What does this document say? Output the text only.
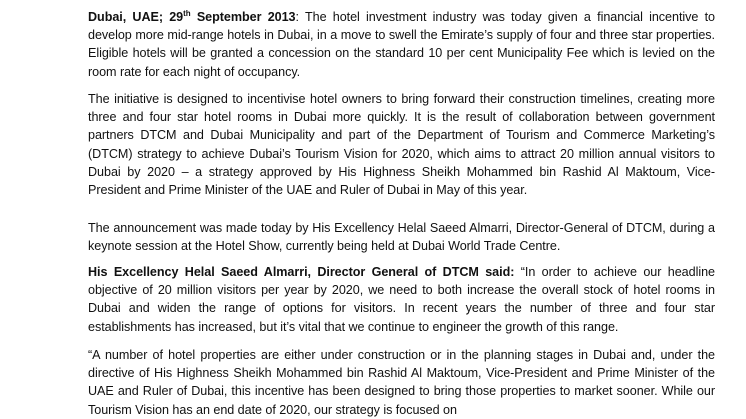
Dubai, UAE; 29th September 2013: The hotel investment industry was today given a financial incentive to develop more mid-range hotels in Dubai, in a move to swell the Emirate’s supply of four and three star properties. Eligible hotels will be granted a concession on the standard 10 per cent Municipality Fee which is levied on the room rate for each night of occupancy.

The initiative is designed to incentivise hotel owners to bring forward their construction timelines, creating more three and four star hotel rooms in Dubai more quickly. It is the result of collaboration between government partners DTCM and Dubai Municipality and part of the Department of Tourism and Commerce Marketing’s (DTCM) strategy to achieve Dubai’s Tourism Vision for 2020, which aims to attract 20 million annual visitors to Dubai by 2020 – a strategy approved by His Highness Sheikh Mohammed bin Rashid Al Maktoum, Vice-President and Prime Minister of the UAE and Ruler of Dubai in May of this year.

The announcement was made today by His Excellency Helal Saeed Almarri, Director-General of DTCM, during a keynote session at the Hotel Show, currently being held at Dubai World Trade Centre.

His Excellency Helal Saeed Almarri, Director General of DTCM said: “In order to achieve our headline objective of 20 million visitors per year by 2020, we need to both increase the overall stock of hotel rooms in Dubai and widen the range of options for visitors. In recent years the number of three and four star establishments has increased, but it’s vital that we continue to engineer the growth of this range.

“A number of hotel properties are either under construction or in the planning stages in Dubai and, under the directive of His Highness Sheikh Mohammed bin Rashid Al Maktoum, Vice-President and Prime Minister of the UAE and Ruler of Dubai, this incentive has been designed to bring those properties to market sooner. While our Tourism Vision has an end date of 2020, our strategy is focused on
